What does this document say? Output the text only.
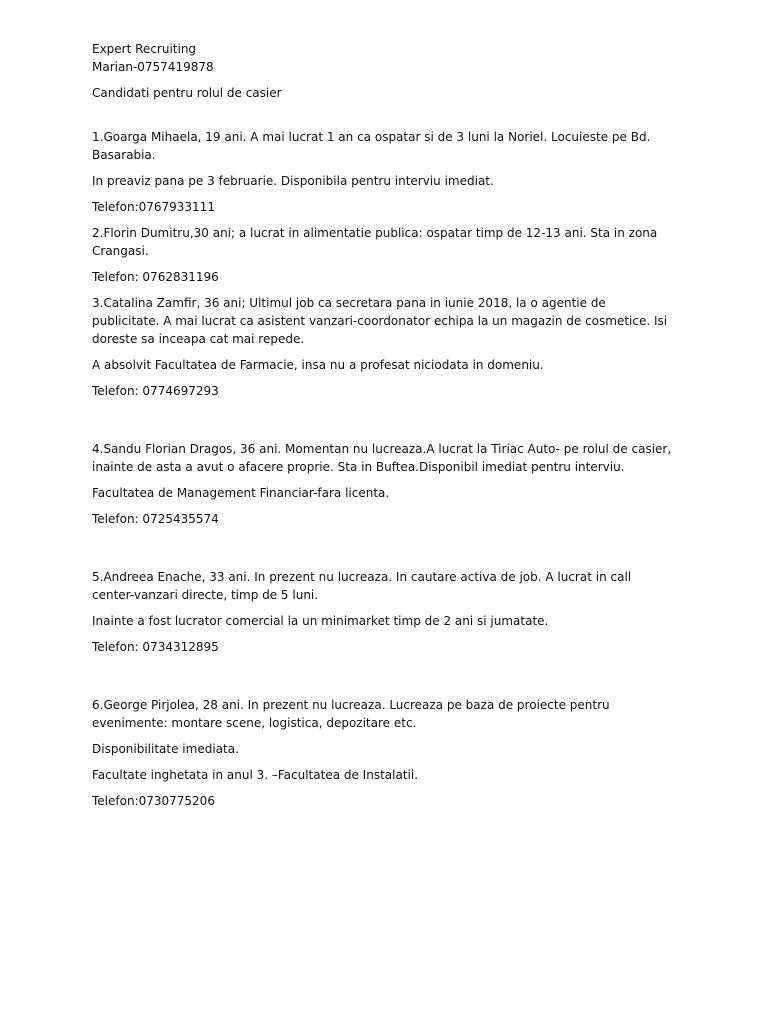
Expert Recruiting

Marian-0757419878

Candidati pentru rolul de casier

1.Goarga Mihaela, 19 ani. A mai lucrat 1 an ca ospatar si de 3 luni la Noriel. Locuieste pe Bd. Basarabia.

In preaviz pana pe 3 februarie. Disponibila pentru interviu imediat.

Telefon:0767933111

2.Florin Dumitru,30 ani; a lucrat in alimentatie publica: ospatar timp de 12-13 ani. Sta in zona Crangasi.

Telefon: 0762831196

3.Catalina Zamfir, 36 ani; Ultimul job ca secretara pana in iunie 2018, la o agentie de publicitate. A mai lucrat ca asistent vanzari-coordonator echipa la un magazin de cosmetice. Isi doreste sa inceapa cat mai repede.

A absolvit Facultatea de Farmacie, insa nu a profesat niciodata in domeniu.

Telefon: 0774697293

4.Sandu Florian Dragos, 36 ani. Momentan nu lucreaza.A lucrat la Tiriac Auto- pe rolul de casier, inainte de asta a avut o afacere proprie. Sta in Buftea.Disponibil imediat pentru interviu.

Facultatea de Management Financiar-fara licenta.

Telefon: 0725435574

5.Andreea Enache, 33 ani. In prezent nu lucreaza. In cautare activa de job. A lucrat in call center-vanzari directe, timp de 5 luni.

Inainte a fost lucrator comercial la un minimarket timp de 2 ani si jumatate.

Telefon: 0734312895

6.George Pirjolea, 28 ani. In prezent nu lucreaza. Lucreaza pe baza de proiecte pentru evenimente: montare scene, logistica, depozitare etc.

Disponibilitate imediata.

Facultate inghetata in anul 3. –Facultatea de Instalatii.

Telefon:0730775206
